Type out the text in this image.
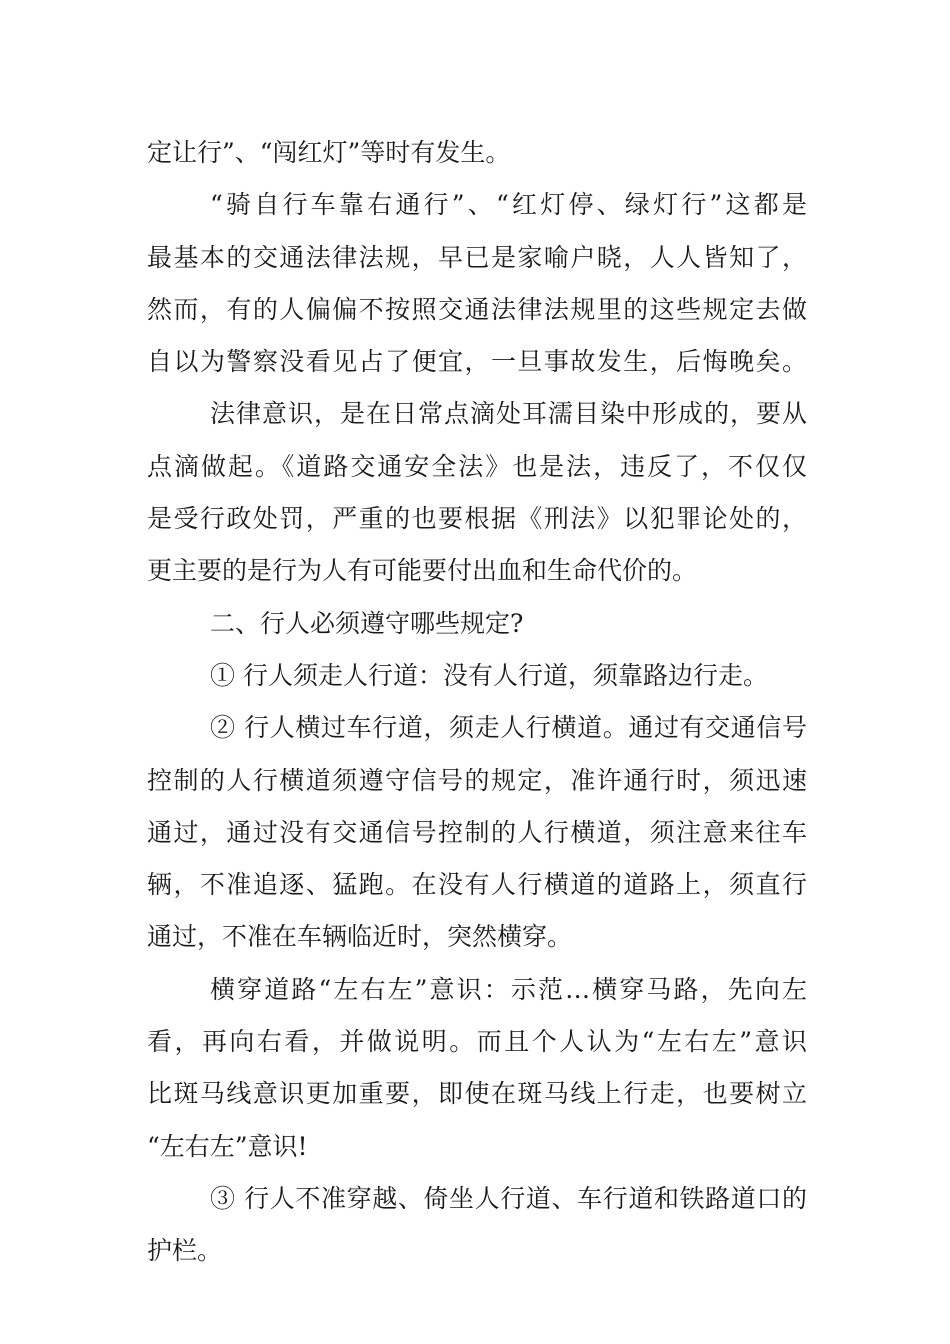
定让行”、“闯红灯”等时有发生。
“骑自行车靠右通行”、“红灯停、绿灯行”这都是
最基本的交通法律法规，早已是家喻户晓，人人皆知了，
然而，有的人偏偏不按照交通法律法规里的这些规定去做
自以为警察没看见占了便宜，一旦事故发生，后悔晚矣。
法律意识，是在日常点滴处耳濡目染中形成的，要从
点滴做起。《道路交通安全法》也是法，违反了，不仅仅
是受行政处罚，严重的也要根据《刑法》以犯罪论处的，
更主要的是行为人有可能要付出血和生命代价的。
二、行人必须遵守哪些规定?
① 行人须走人行道：没有人行道，须靠路边行走。
② 行人横过车行道，须走人行横道。通过有交通信号
控制的人行横道须遵守信号的规定，准许通行时，须迅速
通过，通过没有交通信号控制的人行横道，须注意来往车
辆，不准追逐、猛跑。在没有人行横道的道路上，须直行
通过，不准在车辆临近时，突然横穿。
横穿道路“左右左”意识：示范…横穿马路，先向左
看，再向右看，并做说明。而且个人认为“左右左”意识
比斑马线意识更加重要，即使在斑马线上行走，也要树立
“左右左”意识!
③ 行人不准穿越、倚坐人行道、车行道和铁路道口的
护栏。
